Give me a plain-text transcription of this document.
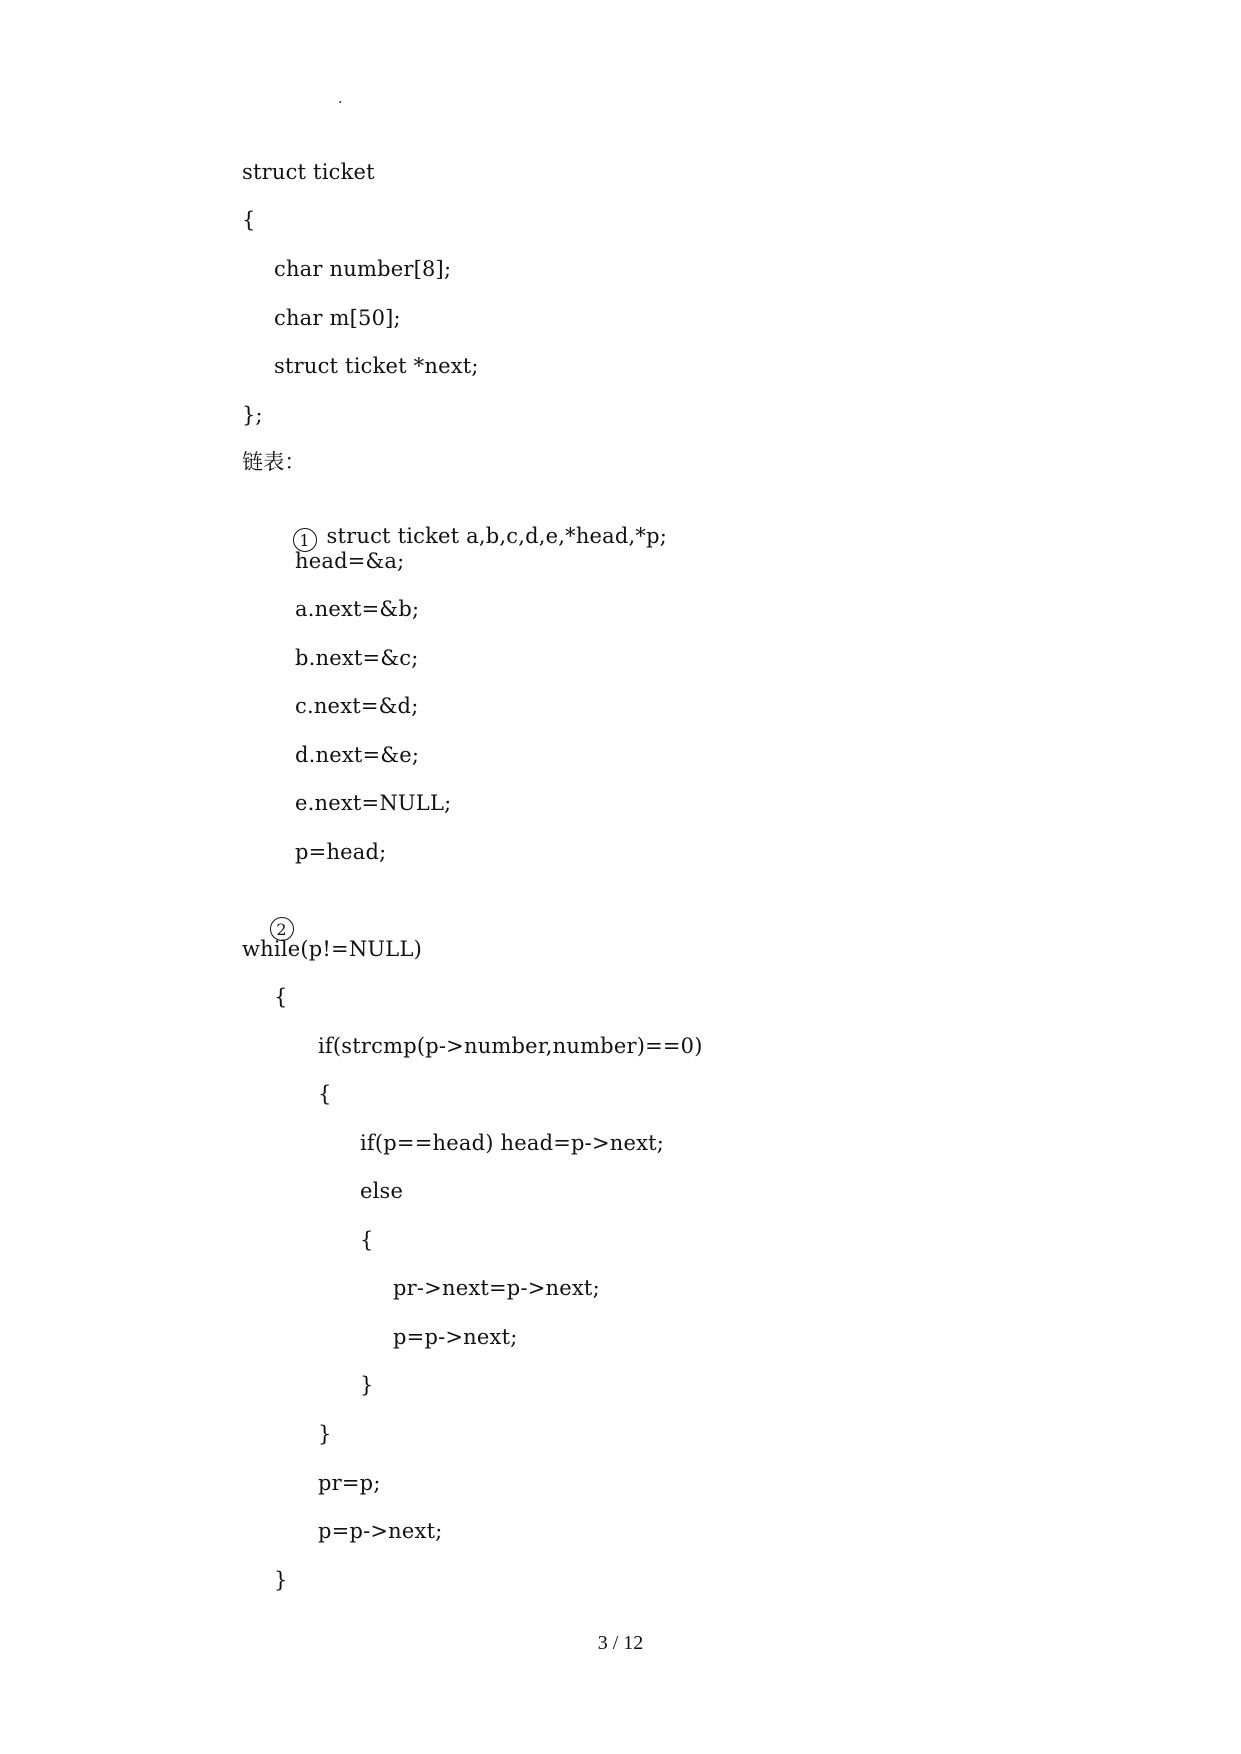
.
struct ticket
{
char number[8];
char m[50];
struct ticket *next;
};
链表：

1 struct ticket a,b,c,d,e,*head,*p;

head=&a;
a.next=&b;
b.next=&c;
c.next=&d;
d.next=&e;
e.next=NULL;
p=head;

2

while(p!=NULL)
{
if(strcmp(p->number,number)==0)
{
if(p==head) head=p->next;
else
{
pr->next=p->next;
p=p->next;
}
}
pr=p;
p=p->next;
}
3 / 12
